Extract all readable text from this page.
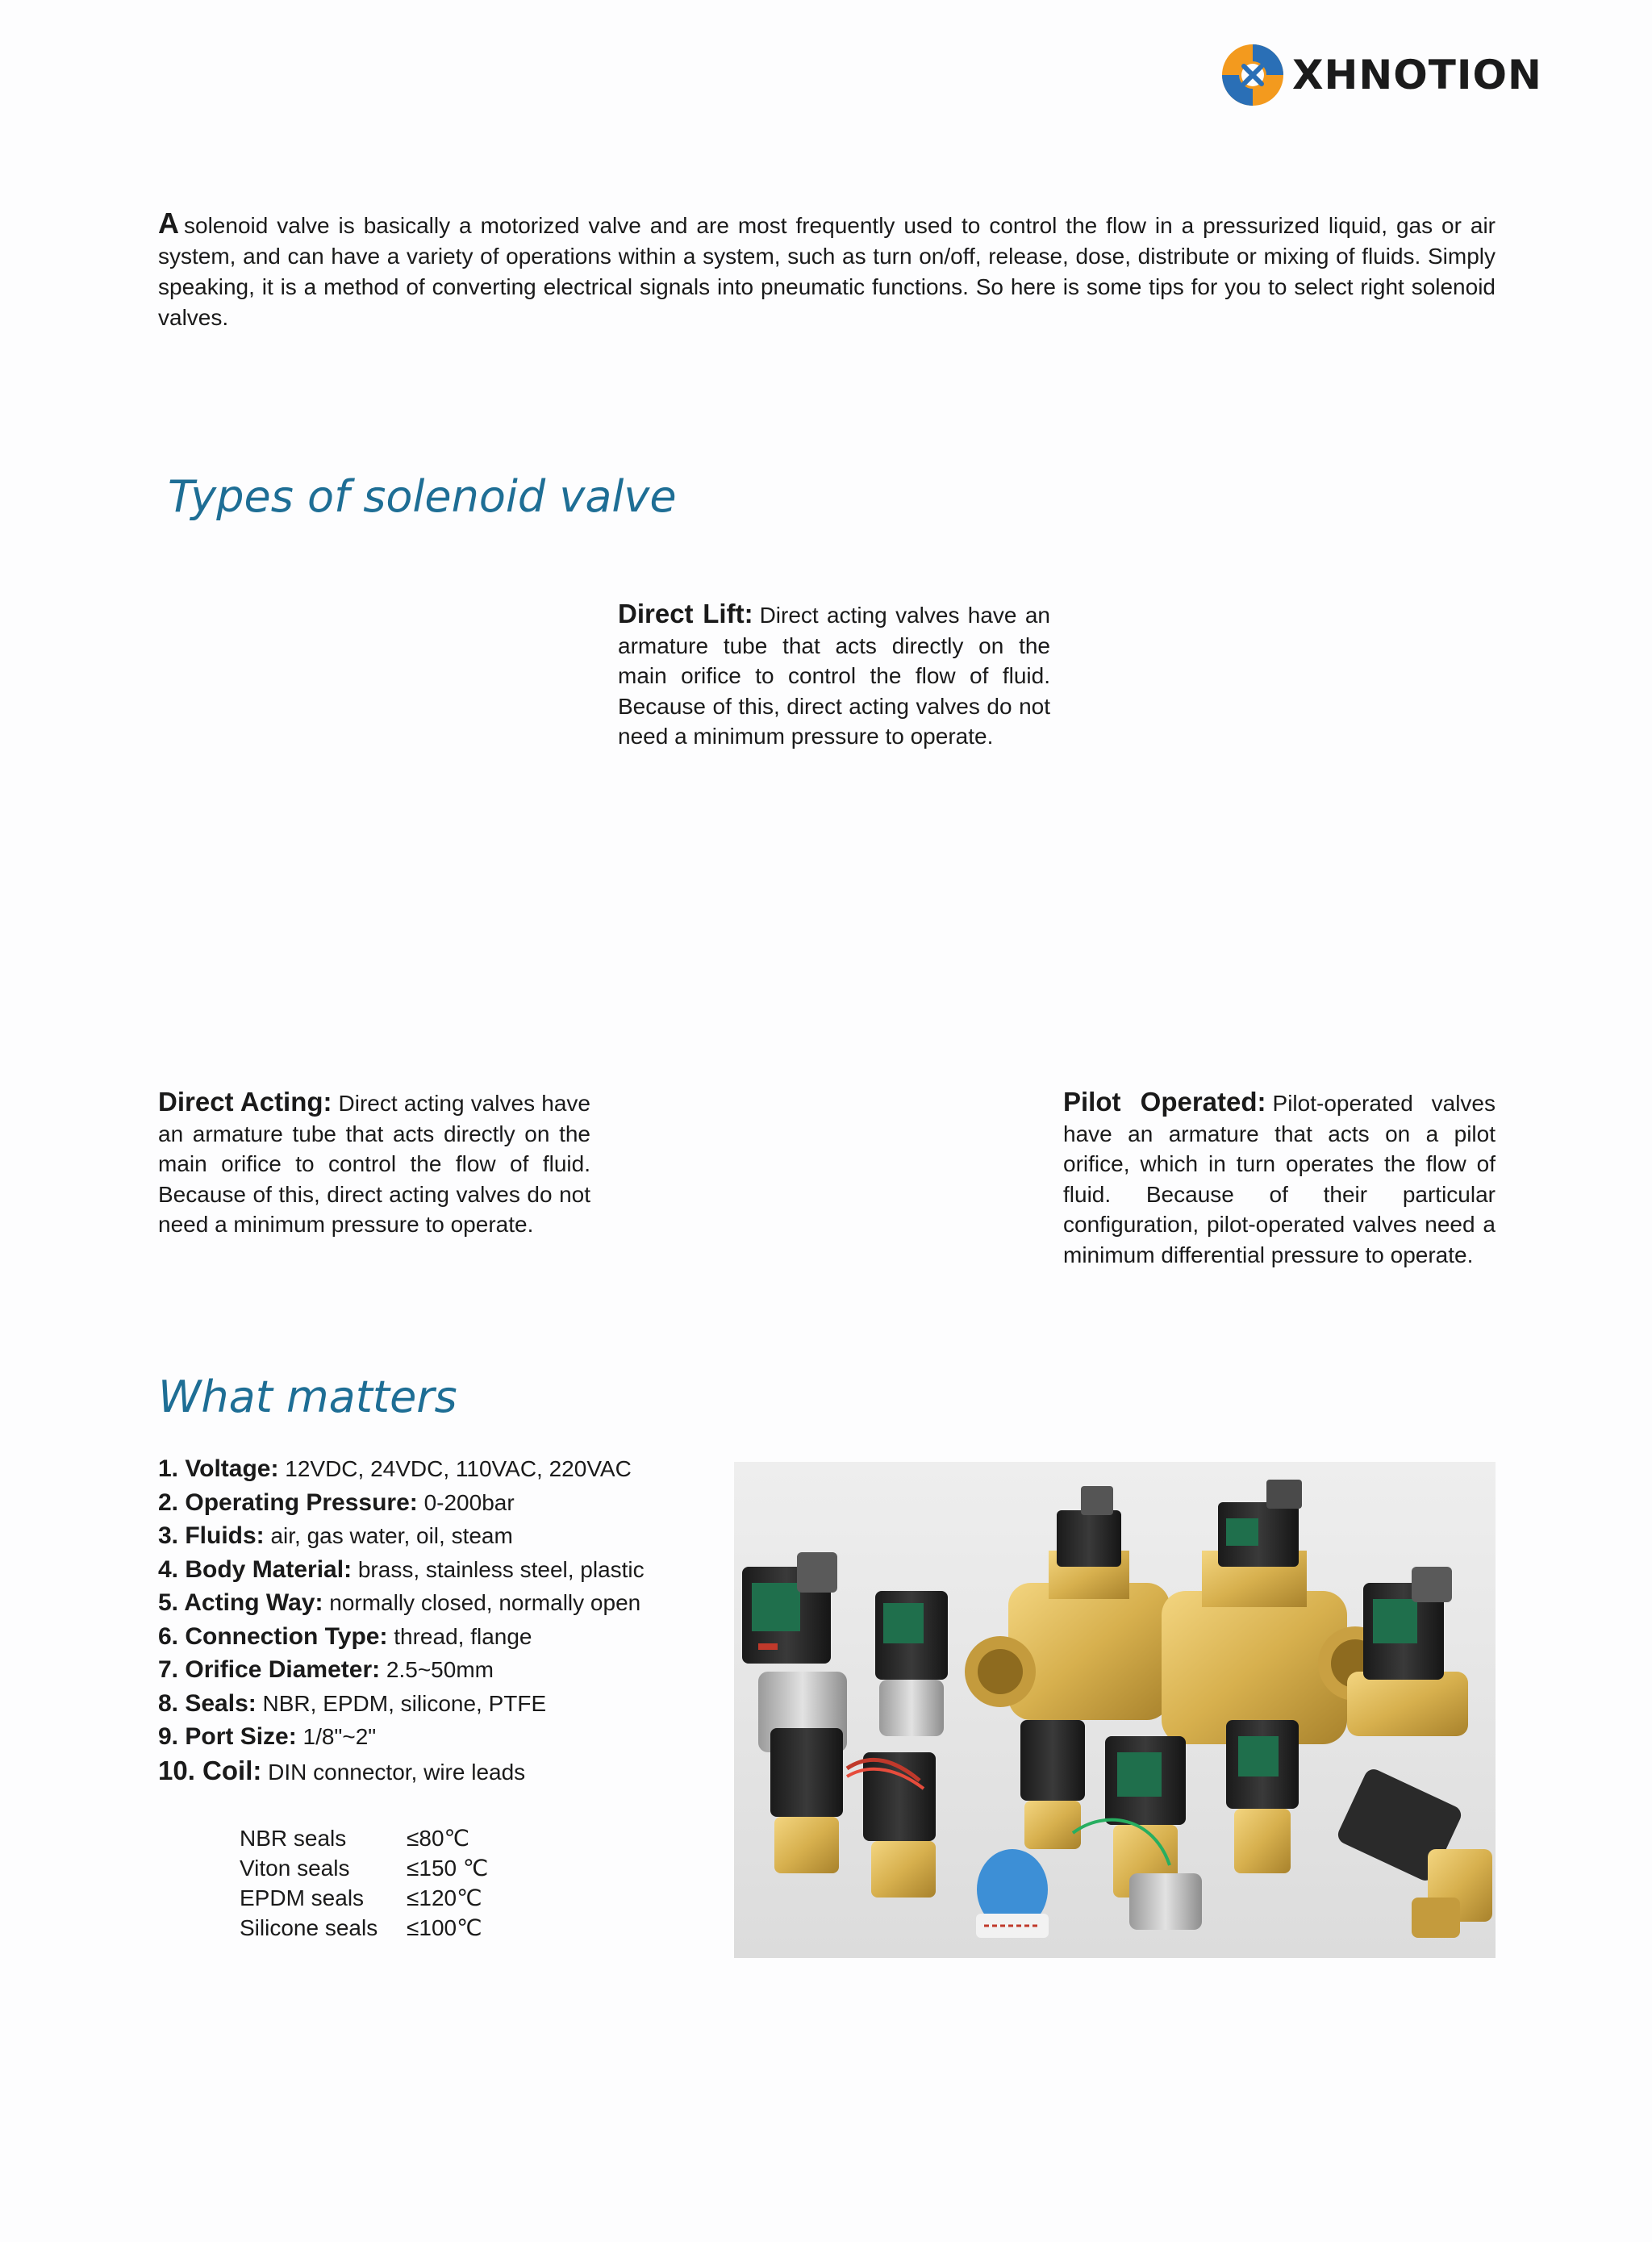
XHNOTION

A solenoid valve is basically a motorized valve and are most frequently used to control the flow in a pressurized liquid, gas or air system, and can have a variety of operations within a system, such as turn on/off, release, dose, distribute or mixing of fluids. Simply speaking, it is a method of converting electrical signals into pneumatic functions. So here is some tips for you to select right solenoid valves.

Types of solenoid valve

Direct Lift: Direct acting valves have an armature tube that acts directly on the main orifice to control the flow of fluid. Because of this, direct acting valves do not need a minimum pressure to operate.

Direct Acting: Direct acting valves have an armature tube that acts directly on the main orifice to control the flow of fluid. Because of this, direct acting valves do not need a minimum pressure to operate.

Pilot Operated: Pilot-operated valves have an armature that acts on a pilot orifice, which in turn operates the flow of fluid. Because of their particular configuration, pilot-operated valves need a minimum differential pressure to operate.

What matters
1. Voltage: 12VDC, 24VDC, 110VAC, 220VAC
2. Operating Pressure: 0-200bar
3. Fluids: air, gas water, oil, steam
4. Body Material: brass, stainless steel, plastic
5. Acting Way: normally closed, normally open
6. Connection Type: thread, flange
7. Orifice Diameter: 2.5~50mm
8. Seals: NBR, EPDM, silicone, PTFE
9. Port Size: 1/8"~2"
10. Coil: DIN connector, wire leads
NBR seals	≤80℃
Viton seals	≤150 ℃
EPDM seals	≤120℃
Silicone seals	≤100℃
